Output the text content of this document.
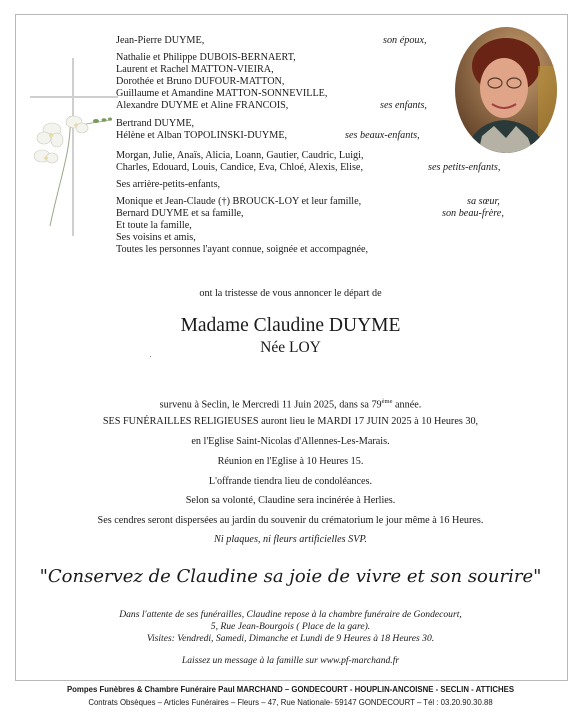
Jean-Pierre DUYME,	son époux,
Nathalie et Philippe DUBOIS-BERNAERT,
Laurent et Rachel MATTON-VIEIRA,
Dorothée et Bruno DUFOUR-MATTON,
Guillaume et Amandine MATTON-SONNEVILLE,
Alexandre DUYME et Aline FRANCOIS,	ses enfants,
Bertrand DUYME,
Hélène et Alban TOPOLINSKI-DUYME,	ses beaux-enfants,
Morgan, Julie, Anaïs, Alicia, Loann, Gautier, Caudric, Luigi,
Charles, Edouard, Louis, Candice, Eva, Chloé, Alexis, Elise,	ses petits-enfants,
Ses arrière-petits-enfants,
Monique et Jean-Claude (†) BROUCK-LOY et leur famille,	sa sœur,
Bernard DUYME et sa famille,	son beau-frère,
Et toute la famille,
Ses voisins et amis,
Toutes les personnes l'ayant connue, soignée et accompagnée,
ont la tristesse de vous annoncer le départ de
Madame Claudine DUYME
Née LOY
survenu à Seclin, le Mercredi 11 Juin 2025, dans sa 79ème année.
SES FUNÉRAILLES RELIGIEUSES auront lieu le MARDI 17 JUIN 2025 à 10 Heures 30,
en l'Eglise Saint-Nicolas d'Allennes-Les-Marais.
Réunion en l'Eglise à 10 Heures 15.
L'offrande tiendra lieu de condoléances.
Selon sa volonté, Claudine sera incinérée à Herlies.
Ses cendres seront dispersées au jardin du souvenir du crématorium le jour même à 16 Heures.
Ni plaques, ni fleurs artificielles SVP.
"Conservez de Claudine sa joie de vivre et son sourire"
Dans l'attente de ses funérailles, Claudine repose à la chambre funéraire de Gondecourt,
5, Rue Jean-Bourgois ( Place de la gare).
Visites: Vendredi, Samedi, Dimanche et Lundi de 9 Heures à 18 Heures 30.
Laissez un message à la famille sur www.pf-marchand.fr
Pompes Funèbres & Chambre Funéraire Paul MARCHAND – GONDECOURT - HOUPLIN-ANCOISNE - SECLIN - ATTICHES
Contrats Obsèques – Articles Funéraires – Fleurs – 47, Rue Nationale- 59147 GONDECOURT – Tél : 03.20.90.30.88
